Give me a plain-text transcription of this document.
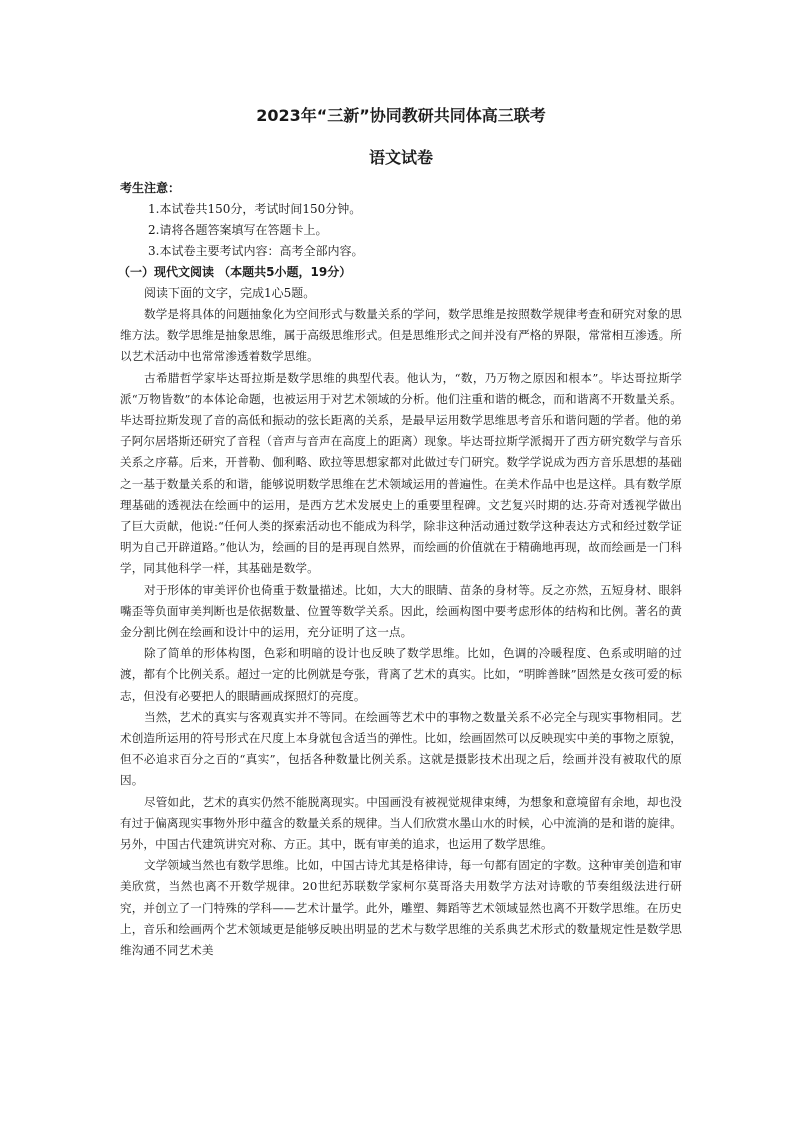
2023年“三新”协同教研共同体高三联考
语文试卷
考生注意：
1.本试卷共150分，考试时间150分钟。
2.请将各题答案填写在答题卡上。
3.本试卷主要考试内容：高考全部内容。
（一）现代文阅读 （本题共5小题，19分）

阅读下面的文字，完成1心5题。

数学是将具体的问题抽象化为空间形式与数量关系的学问，数学思维是按照数学规律考查和研究对象的思维方法。数学思维是抽象思维，属于高级思维形式。但是思维形式之间并没有严格的界限，常常相互渗透。所以艺术活动中也常常渗透着数学思维。

古希腊哲学家毕达哥拉斯是数学思维的典型代表。他认为，“数，乃万物之原因和根本”。毕达哥拉斯学派“万物皆数”的本体论命题，也被运用于对艺术领域的分析。他们注重和谐的概念，而和谐离不开数量关系。毕达哥拉斯发现了音的高低和振动的弦长距离的关系，是最早运用数学思维思考音乐和谐问题的学者。他的弟子阿尔居塔斯还研究了音程（音声与音声在高度上的距离）现象。毕达哥拉斯学派揭开了西方研究数学与音乐关系之序幕。后来，开普勒、伽利略、欧拉等思想家都对此做过专门研究。数学学说成为西方音乐思想的基础之一基于数量关系的和谐，能够说明数学思维在艺术领域运用的普遍性。在美术作品中也是这样。具有数学原理基础的透视法在绘画中的运用，是西方艺术发展史上的重要里程碑。文艺复兴时期的达.芬奇对透视学做出了巨大贡献，他说:“任何人类的探索活动也不能成为科学，除非这种活动通过数学这种表达方式和经过数学证明为自己开辟道路。”他认为，绘画的目的是再现自然界，而绘画的价值就在于精确地再现，故而绘画是一门科学，同其他科学一样，其基础是数学。

对于形体的审美评价也倚重于数量描述。比如，大大的眼睛、苗条的身材等。反之亦然，五短身材、眼斜嘴歪等负面审美判断也是依据数量、位置等数学关系。因此，绘画构图中要考虑形体的结构和比例。著名的黄金分割比例在绘画和设计中的运用，充分证明了这一点。

除了简单的形体构图，色彩和明暗的设计也反映了数学思维。比如，色调的冷暖程度、色系或明暗的过渡，都有个比例关系。超过一定的比例就是夸张，背离了艺术的真实。比如，“明眸善睐”固然是女孩可爱的标志，但没有必要把人的眼睛画成探照灯的亮度。

当然，艺术的真实与客观真实并不等同。在绘画等艺术中的事物之数量关系不必完全与现实事物相同。艺术创造所运用的符号形式在尺度上本身就包含适当的弹性。比如，绘画固然可以反映现实中美的事物之原貌，但不必追求百分之百的“真实”，包括各种数量比例关系。这就是摄影技术出现之后，绘画并没有被取代的原因。

尽管如此，艺术的真实仍然不能脱离现实。中国画没有被视觉规律束缚，为想象和意境留有余地，却也没有过于偏离现实事物外形中蕴含的数量关系的规律。当人们欣赏水墨山水的时候，心中流淌的是和谐的旋律。另外，中国古代建筑讲究对称、方正。其中，既有审美的追求，也运用了数学思维。

文学领域当然也有数学思维。比如，中国古诗尤其是格律诗，每一句都有固定的字数。这种审美创造和审美欣赏，当然也离不开数学规律。20世纪苏联数学家柯尔莫哥洛夫用数学方法对诗歌的节奏组级法进行研究，并创立了一门特殊的学科——艺术计量学。此外，雕塑、舞蹈等艺术领域显然也离不开数学思维。在历史上，音乐和绘画两个艺术领域更是能够反映出明显的艺术与数学思维的关系典艺术形式的数量规定性是数学思维沟通不同艺术美
